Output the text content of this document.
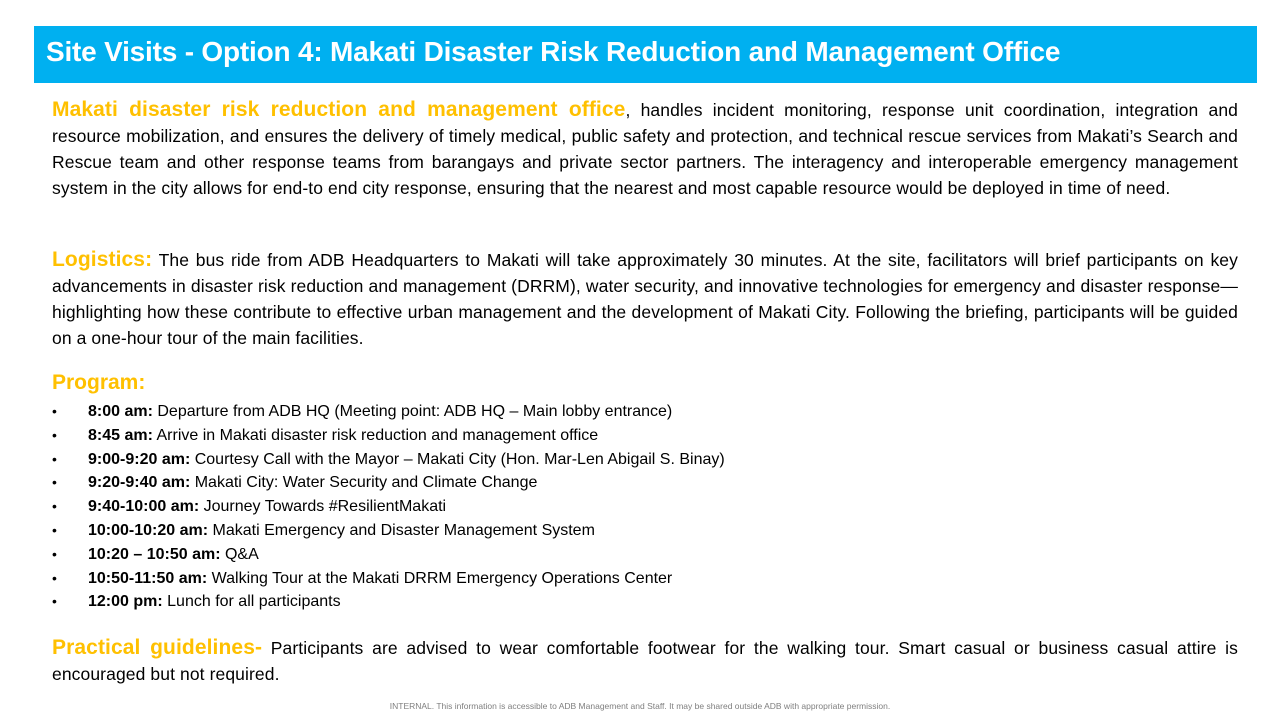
Site Visits - Option 4: Makati Disaster Risk Reduction and Management Office
Makati disaster risk reduction and management office, handles incident monitoring, response unit coordination, integration and resource mobilization, and ensures the delivery of timely medical, public safety and protection, and technical rescue services from Makati’s Search and Rescue team and other response teams from barangays and private sector partners. The interagency and interoperable emergency management system in the city allows for end-to end city response, ensuring that the nearest and most capable resource would be deployed in time of need.
Logistics: The bus ride from ADB Headquarters to Makati will take approximately 30 minutes. At the site, facilitators will brief participants on key advancements in disaster risk reduction and management (DRRM), water security, and innovative technologies for emergency and disaster response—highlighting how these contribute to effective urban management and the development of Makati City. Following the briefing, participants will be guided on a one-hour tour of the main facilities.
Program:
• 8:00 am: Departure from ADB HQ (Meeting point: ADB HQ – Main lobby entrance)
• 8:45 am: Arrive in Makati disaster risk reduction and management office
• 9:00-9:20 am: Courtesy Call with the Mayor – Makati City (Hon. Mar-Len Abigail S. Binay)
• 9:20-9:40 am: Makati City: Water Security and Climate Change
• 9:40-10:00 am: Journey Towards #ResilientMakati
• 10:00-10:20 am: Makati Emergency and Disaster Management System
• 10:20 – 10:50 am: Q&A
• 10:50-11:50 am: Walking Tour at the Makati DRRM Emergency Operations Center
• 12:00 pm: Lunch for all participants
Practical guidelines- Participants are advised to wear comfortable footwear for the walking tour. Smart casual or business casual attire is encouraged but not required.
INTERNAL. This information is accessible to ADB Management and Staff. It may be shared outside ADB with appropriate permission.
